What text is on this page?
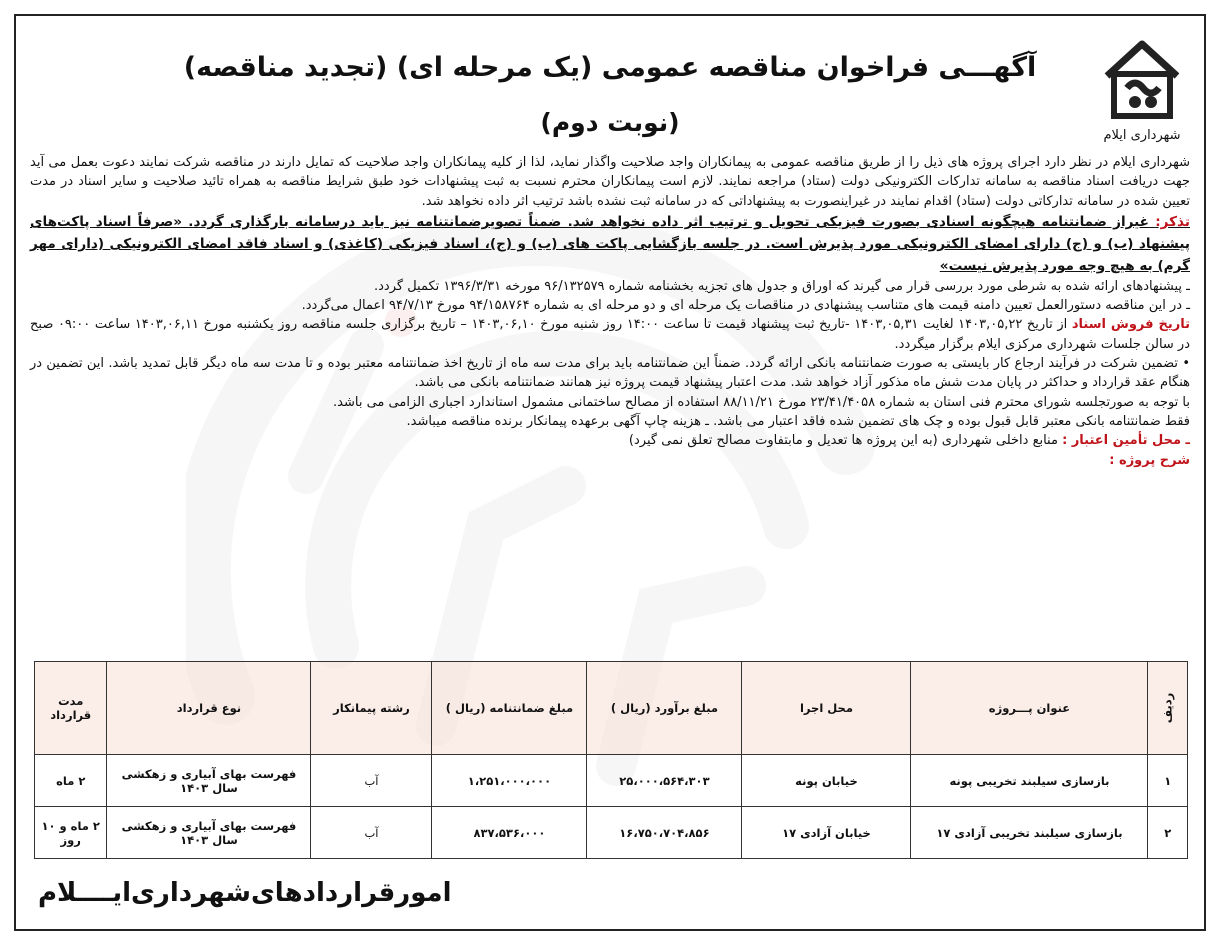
شهرداری ایلام
آگهـــی فراخوان مناقصه عمومی (یک مرحله ای) (تجدید مناقصه)
(نوبت دوم)

شهرداری ایلام در نظر دارد اجرای پروژه های ذیل را از طریق مناقصه عمومی به پیمانکاران واجد صلاحیت واگذار نماید، لذا از کلیه پیمانکاران واجد صلاحیت که تمایل دارند در مناقصه شرکت نمایند دعوت بعمل می آید جهت دریافت اسناد مناقصه به سامانه تدارکات الکترونیکی دولت (ستاد) مراجعه نمایند. لازم است پیمانکاران محترم نسبت به ثبت پیشنهادات خود طبق شرایط مناقصه به همراه تائید صلاحیت و سایر اسناد در مدت تعیین شده در سامانه تدارکاتی دولت (ستاد) اقدام نمایند در غیراینصورت به پیشنهاداتی که در سامانه ثبت نشده باشد ترتیب اثر داده نخواهد شد.

تذکر: غیراز ضمانتنامه هیچگونه اسنادی بصورت فیزیکی تحویل و ترتیب اثر داده نخواهد شد. ضمناً تصویرضمانتنامه نیز باید درسامانه بارگذاری گردد. «صرفاً اسناد پاکت‌های پیشنهاد (ب) و (ج) دارای امضای الکترونیکی مورد پذیرش است. در جلسه بازگشایی پاکت های (ب) و (ج)، اسناد فیزیکی (کاغذی) و اسناد فاقد امضای الکترونیکی (دارای مهر گرم) به هیچ وجه مورد پذیرش نیست»

ـ پیشنهادهای ارائه شده به شرطی مورد بررسی قرار می گیرند که اوراق و جدول های تجزیه بخشنامه شماره ۹۶/۱۳۲۵۷۹ مورخه ۱۳۹۶/۳/۳۱ تکمیل گردد.

ـ در این مناقصه دستورالعمل تعیین دامنه قیمت های متناسب پیشنهادی در مناقصات یک مرحله ای و دو مرحله ای به شماره ۹۴/۱۵۸۷۶۴ مورخ ۹۴/۷/۱۳ اعمال می‌گردد.

تاریخ فروش اسناد از تاریخ ۱۴۰۳,۰۵,۲۲ لغایت ۱۴۰۳,۰۵,۳۱ -تاریخ ثبت پیشنهاد قیمت تا ساعت ۱۴:۰۰ روز شنبه مورخ ۱۴۰۳,۰۶,۱۰ – تاریخ برگزاری جلسه مناقصه روز یکشنبه مورخ ۱۴۰۳,۰۶,۱۱ ساعت ۰۹:۰۰ صبح در سالن جلسات شهرداری مرکزی ایلام برگزار میگردد.

• تضمین شرکت در فرآیند ارجاع کار بایستی به صورت ضمانتنامه بانکی ارائه گردد. ضمناً این ضمانتنامه باید برای مدت سه ماه از تاریخ اخذ ضمانتنامه معتبر بوده و تا مدت سه ماه دیگر قابل تمدید باشد. این تضمین در هنگام عقد قرارداد و حداکثر در پایان مدت شش ماه مذکور آزاد خواهد شد. مدت اعتبار پیشنهاد قیمت پروژه نیز همانند ضمانتنامه بانکی می باشد.

با توجه به صورتجلسه شورای محترم فنی استان به شماره ۲۳/۴۱/۴۰۵۸ مورخ ۸۸/۱۱/۲۱ استفاده از مصالح ساختمانی مشمول استاندارد اجباری الزامی می باشد.

فقط ضمانتنامه بانکی معتبر قابل قبول بوده و چک های تضمین شده فاقد اعتبار می باشد. ـ هزینه چاپ آگهی برعهده پیمانکار برنده مناقصه میباشد.

ـ محل تأمین اعتبار : منابع داخلی شهرداری (به این پروژه ها تعدیل و مابتفاوت مصالح تعلق نمی گیرد)

شرح پروژه :

ردیف	عنوان پـــروژه	محل اجرا	مبلغ برآورد (ریال )	مبلغ ضمانتنامه (ریال )	رشته پیمانکار	نوع قرارداد	مدت قرارداد
۱	بازسازی سیلبند تخریبی پونه	خیابان پونه	۲۵،۰۰۰،۵۶۴،۳۰۳	۱،۲۵۱،۰۰۰،۰۰۰	آب	فهرست بهای آبیاری و زهکشی سال ۱۴۰۳	۲ ماه
۲	بازسازی سیلبند تخریبی آزادی ۱۷	خیابان آزادی ۱۷	۱۶،۷۵۰،۷۰۴،۸۵۶	۸۳۷،۵۳۶،۰۰۰	آب	فهرست بهای آبیاری و زهکشی سال ۱۴۰۳	۲ ماه و ۱۰ روز
امورقراردادهای‌شهرداری‌ایــــلام
